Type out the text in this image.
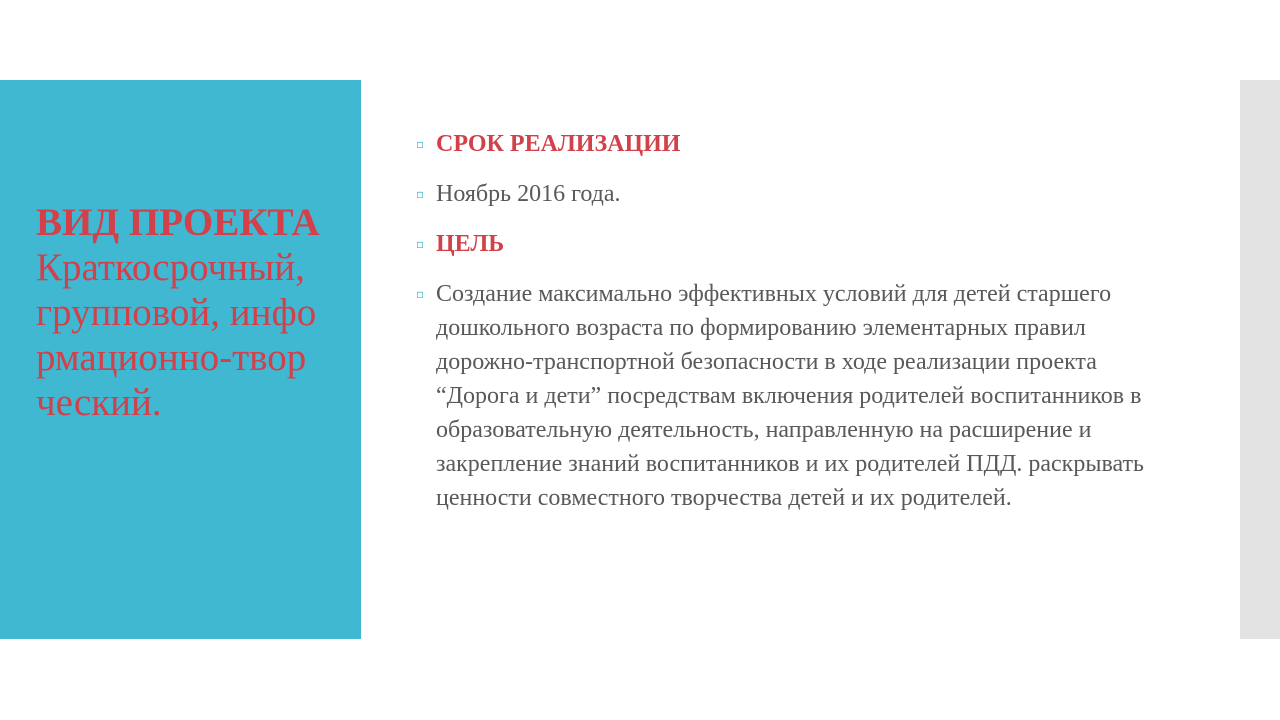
ВИД ПРОЕКТА
Краткосрочный, групповой, информационно-творческий.

▫ СРОК РЕАЛИЗАЦИИ

▫ Ноябрь 2016 года.

▫ ЦЕЛЬ

▫ Создание максимально эффективных условий для детей старшего дошкольного возраста по формированию элементарных правил дорожно-транспортной безопасности в ходе реализации проекта “Дорога и дети” посредствам включения родителей воспитанников в образовательную деятельность, направленную на расширение и закрепление знаний воспитанников и их родителей ПДД. раскрывать ценности совместного творчества детей и их родителей.
